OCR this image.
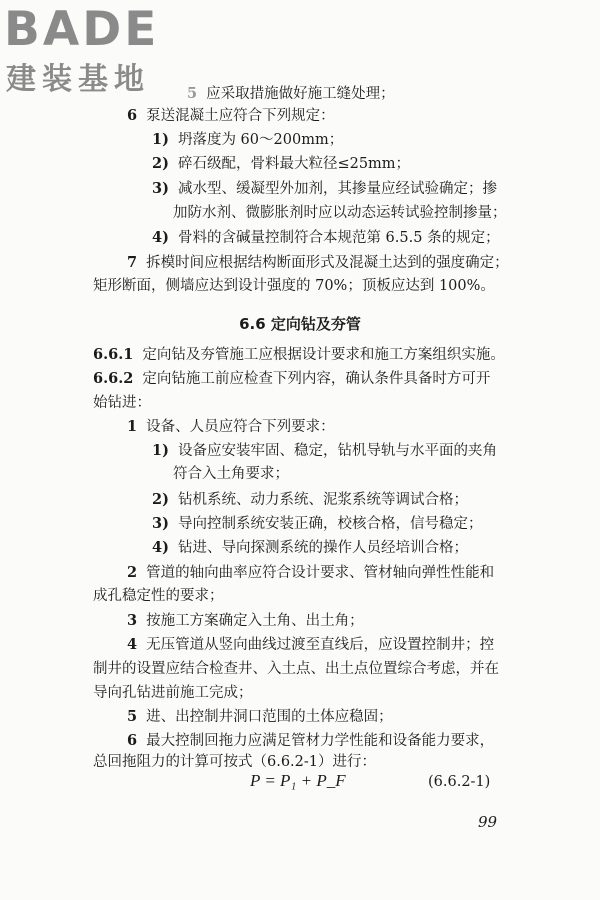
BADE
建装基地	5 应采取措施做好施工缝处理；

6 泵送混凝土应符合下列规定：

1) 坍落度为 60～200mm；

2) 碎石级配，骨料最大粒径≤25mm；

3) 减水型、缓凝型外加剂，其掺量应经试验确定；掺

加防水剂、微膨胀剂时应以动态运转试验控制掺量；

4) 骨料的含碱量控制符合本规范第 6.5.5 条的规定；

7 拆模时间应根据结构断面形式及混凝土达到的强度确定；

矩形断面，侧墙应达到设计强度的 70%；顶板应达到 100%。

6.6 定向钻及夯管

6.6.1 定向钻及夯管施工应根据设计要求和施工方案组织实施。

6.6.2 定向钻施工前应检查下列内容，确认条件具备时方可开

始钻进：

1 设备、人员应符合下列要求：

1) 设备应安装牢固、稳定，钻机导轨与水平面的夹角

符合入土角要求；

2) 钻机系统、动力系统、泥浆系统等调试合格；

3) 导向控制系统安装正确，校核合格，信号稳定；

4) 钻进、导向探测系统的操作人员经培训合格；

2 管道的轴向曲率应符合设计要求、管材轴向弹性性能和

成孔稳定性的要求；

3 按施工方案确定入土角、出土角；

4 无压管道从竖向曲线过渡至直线后，应设置控制井；控

制井的设置应结合检查井、入土点、出土点位置综合考虑，并在

导向孔钻进前施工完成；

5 进、出控制井洞口范围的土体应稳固；

6 最大控制回拖力应满足管材力学性能和设备能力要求，

总回拖阻力的计算可按式（6.6.2-1）进行：

P = P₁ + P_F	(6.6.2-1)
99
